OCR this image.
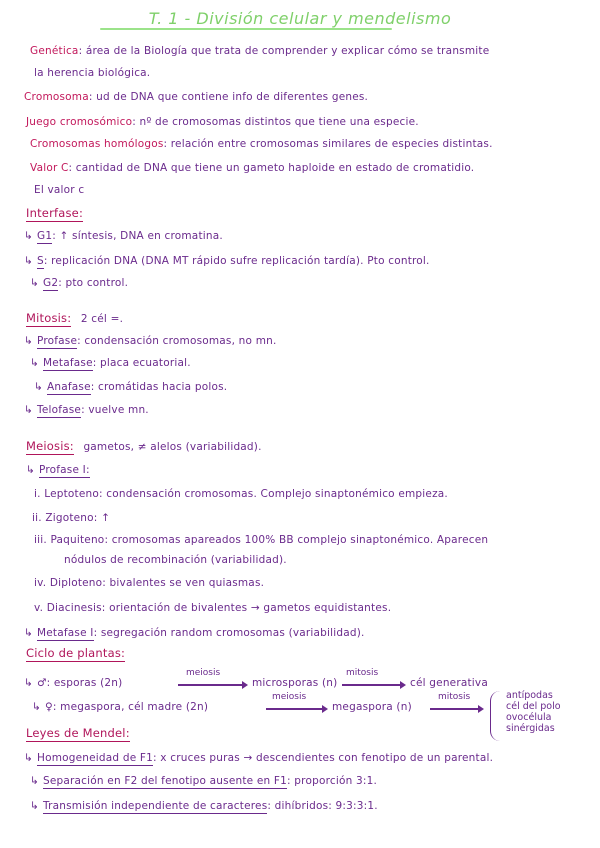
T. 1 - División celular y mendelismo
Genética: área de la Biología que trata de comprender y explicar cómo se transmite
la herencia biológica.
Cromosoma: ud de DNA que contiene info de diferentes genes.
Juego cromosómico: nº de cromosomas distintos que tiene una especie.
Cromosomas homólogos: relación entre cromosomas similares de especies distintas.
Valor C: cantidad de DNA que tiene un gameto haploide en estado de cromatidio.
El valor c
Interfase:
↳ G1: ↑ síntesis, DNA en cromatina.
↳ S: replicación DNA (DNA MT rápido sufre replicación tardía). Pto control.
↳ G2: pto control.
Mitosis: 2 cél =.
↳ Profase: condensación cromosomas, no mn.
↳ Metafase: placa ecuatorial.
↳ Anafase: cromátidas hacia polos.
↳ Telofase: vuelve mn.
Meiosis: gametos, ≠ alelos (variabilidad).
↳ Profase I:
i. Leptoteno: condensación cromosomas. Complejo sinaptonémico empieza.
ii. Zigoteno: ↑
iii. Paquiteno: cromosomas apareados 100% BB complejo sinaptonémico. Aparecen
nódulos de recombinación (variabilidad).
iv. Diploteno: bivalentes se ven quiasmas.
v. Diacinesis: orientación de bivalentes → gametos equidistantes.
↳ Metafase I: segregación random cromosomas (variabilidad).
Ciclo de plantas:
↳ ♂: esporas (2n)
meiosis
microsporas (n)
mitosis
cél generativa
↳ ♀: megaspora, cél madre (2n)
meiosis
megaspora (n)
mitosis	antípodas
cél del polo
ovocélula
sinérgidas
Leyes de Mendel:
↳ Homogeneidad de F1: x cruces puras → descendientes con fenotipo de un parental.
↳ Separación en F2 del fenotipo ausente en F1: proporción 3:1.
↳ Transmisión independiente de caracteres: dihíbridos: 9:3:3:1.
